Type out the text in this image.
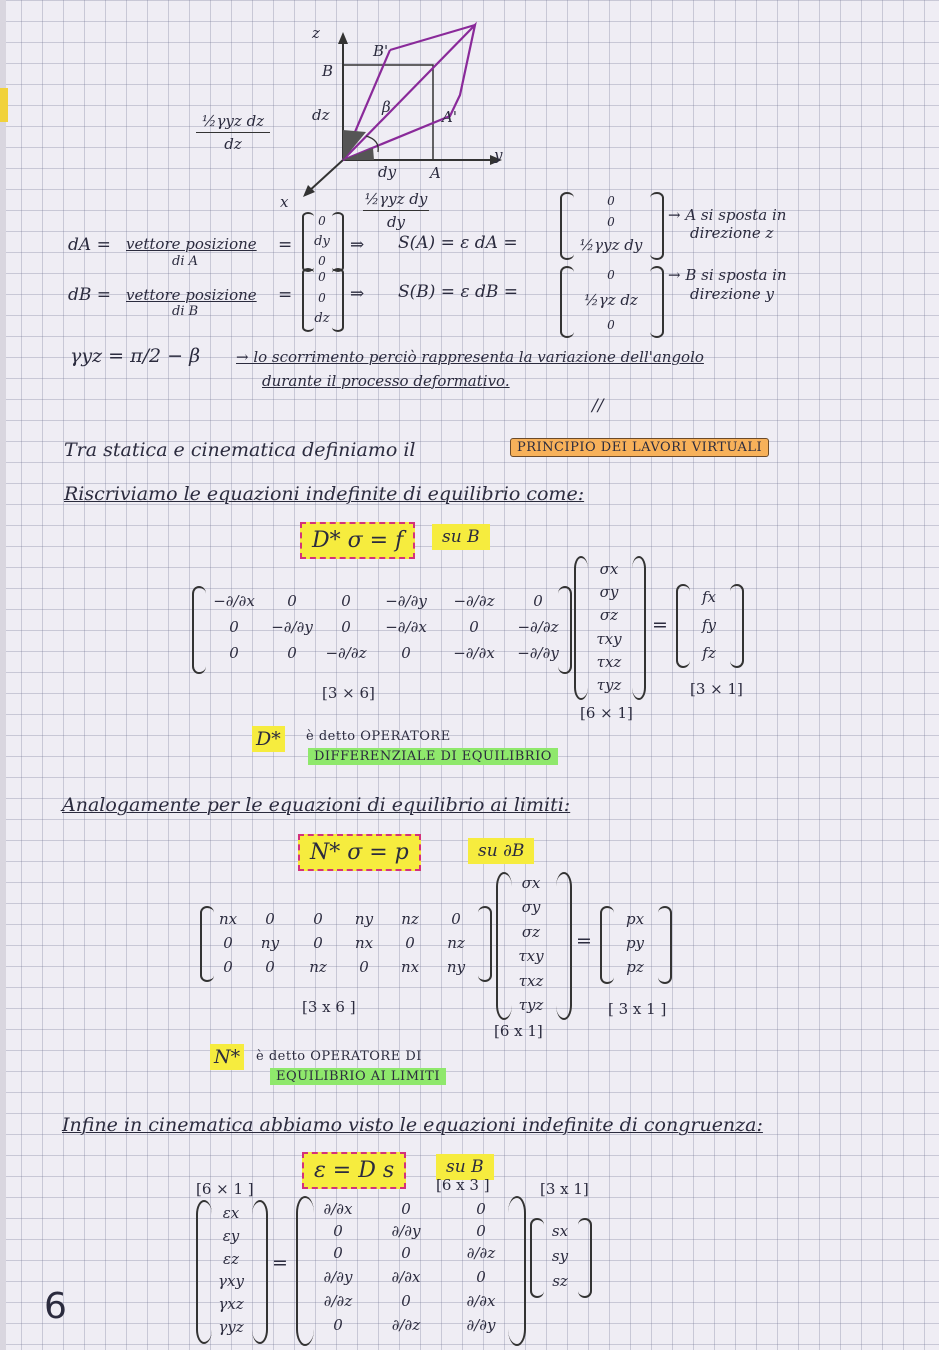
z
y
x
B'
B
A'
A
β
dz
dy
½γyz dz
dz
½γyz dy
dy
dA = vettore posizione
di A
=
0
dy
0
⇒ S(A) = ε dA =
0
0
½γyz dy
→ A si sposta in
direzione z
dB = vettore posizione
di B
=
0
0
dz
⇒ S(B) = ε dB =
0
½γz dz
0
→ B si sposta in
direzione y
γyz = π/2 − β → lo scorrimento perciò rappresenta la variazione dell'angolo
durante il processo deformativo.
//
Tra statica e cinematica definiamo il	PRINCIPIO DEI LAVORI VIRTUALI
Riscriviamo le equazioni indefinite di equilibrio come:
D* σ = f	su B
−∂/∂x	0	0	−∂/∂y	−∂/∂z	0
0	−∂/∂y	0	−∂/∂x	0	−∂/∂z
0	0	−∂/∂z	0	−∂/∂x	−∂/∂y
[3 × 6]
σx
σy
σz
τxy
τxz
τyz
[6 × 1]
=
fx
fy
fz
[3 × 1]
D*	è detto OPERATORE
DIFFERENZIALE DI EQUILIBRIO
Analogamente per le equazioni di equilibrio ai limiti:
N* σ = p	su ∂B
nx	0	0	ny	nz	0
0	ny	0	nx	0	nz
0	0	nz	0	nx	ny
[3 x 6 ]
σx
σy
σz
τxy
τxz
τyz
[6 x 1]
=
px
py
pz
[ 3 x 1 ]
N*	è detto OPERATORE DI
EQUILIBRIO AI LIMITI
Infine in cinematica abbiamo visto le equazioni indefinite di congruenza:
ε = D s	su B
[6 × 1 ]	[6 x 3 ]	[3 x 1]
εx
εy
εz
γxy
γxz
γyz
=
∂/∂x	0	0
0	∂/∂y	0
0	0	∂/∂z
∂/∂y	∂/∂x	0
∂/∂z	0	∂/∂x
0	∂/∂z	∂/∂y
sx
sy
sz
6
